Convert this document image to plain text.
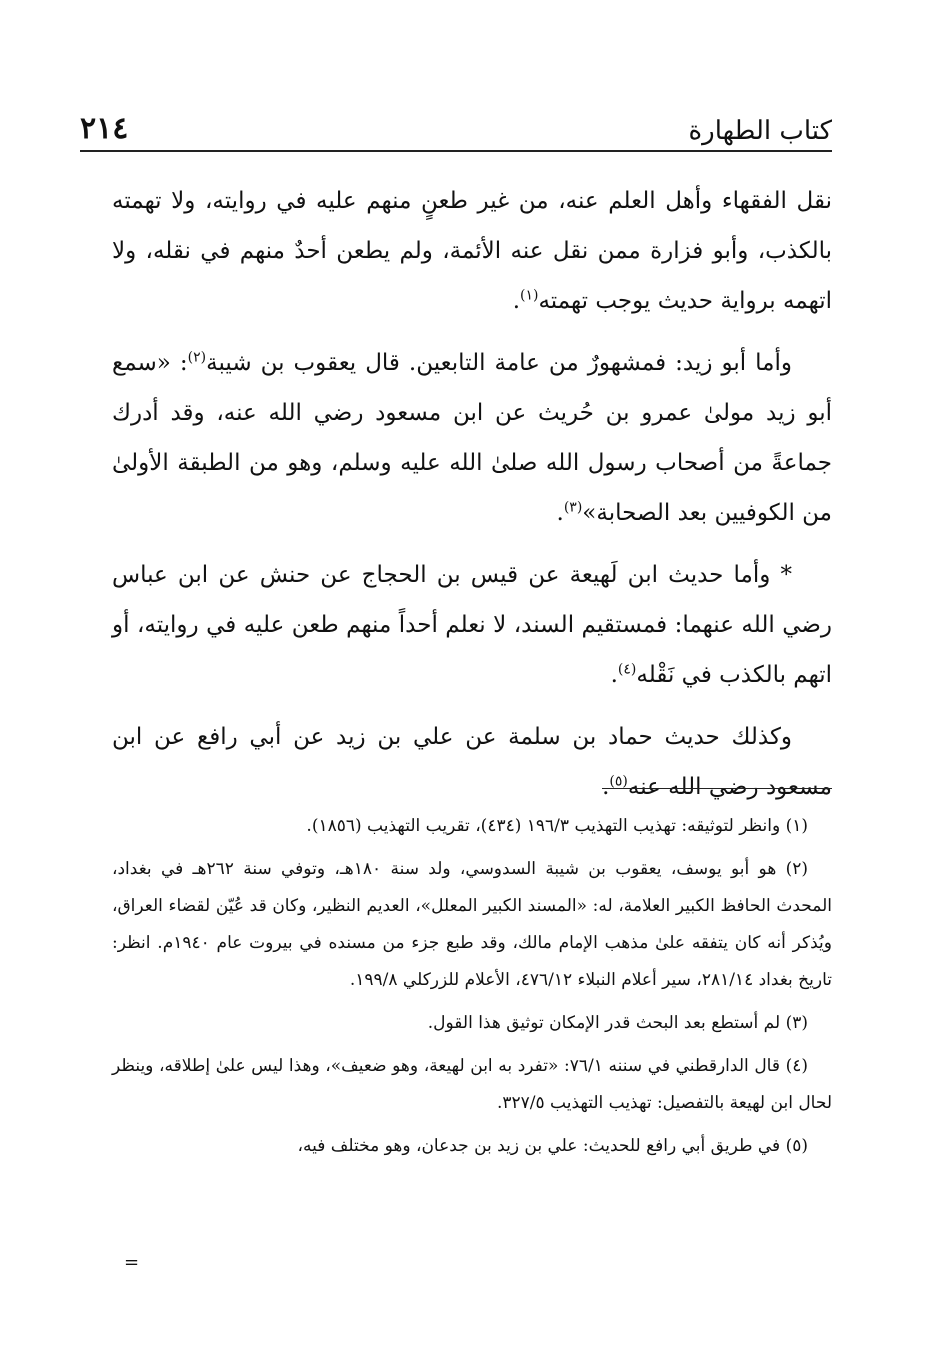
٢١٤	كتاب الطهارة

نقل الفقهاء وأهل العلم عنه، من غير طعنٍ منهم عليه في روايته، ولا تهمته بالكذب، وأبو فزارة ممن نقل عنه الأئمة، ولم يطعن أحدٌ منهم في نقله، ولا اتهمه برواية حديث يوجب تهمته$^{(١)}$.

وأما أبو زيد: فمشهورٌ من عامة التابعين. قال يعقوب بن شيبة$^{(٢)}$: «سمع أبو زيد مولىٰ عمرو بن حُريث عن ابن مسعود رضي الله عنه، وقد أدرك جماعةً من أصحاب رسول الله صلىٰ الله عليه وسلم، وهو من الطبقة الأولىٰ من الكوفيين بعد الصحابة»$^{(٣)}$.

* وأما حديث ابن لَهيعة عن قيس بن الحجاج عن حنش عن ابن عباس رضي الله عنهما: فمستقيم السند، لا نعلم أحداً منهم طعن عليه في روايته، أو اتهم بالكذب في نَقْله$^{(٤)}$.

وكذلك حديث حماد بن سلمة عن علي بن زيد عن أبي رافع عن ابن مسعود رضي الله عنه$^{(٥)}$.

(١) وانظر لتوثيقه: تهذيب التهذيب ١٩٦/٣ (٤٣٤)، تقريب التهذيب (١٨٥٦).

(٢) هو أبو يوسف، يعقوب بن شيبة السدوسي، ولد سنة ١٨٠هـ، وتوفي سنة ٢٦٢هـ في بغداد، المحدث الحافظ الكبير العلامة، له: «المسند الكبير المعلل»، العديم النظير، وكان قد عُيّن لقضاء العراق، ويُذكر أنه كان يتفقه علىٰ مذهب الإمام مالك، وقد طبع جزء من مسنده في بيروت عام ١٩٤٠م. انظر: تاريخ بغداد ٢٨١/١٤، سير أعلام النبلاء ٤٧٦/١٢، الأعلام للزركلي ١٩٩/٨.

(٣) لم أستطع بعد البحث قدر الإمكان توثيق هذا القول.

(٤) قال الدارقطني في سننه ٧٦/١: «تفرد به ابن لهيعة، وهو ضعيف»، وهذا ليس علىٰ إطلاقه، وينظر لحال ابن لهيعة بالتفصيل: تهذيب التهذيب ٣٢٧/٥.

(٥) في طريق أبي رافع للحديث: علي بن زيد بن جدعان، وهو مختلف فيه،

=
